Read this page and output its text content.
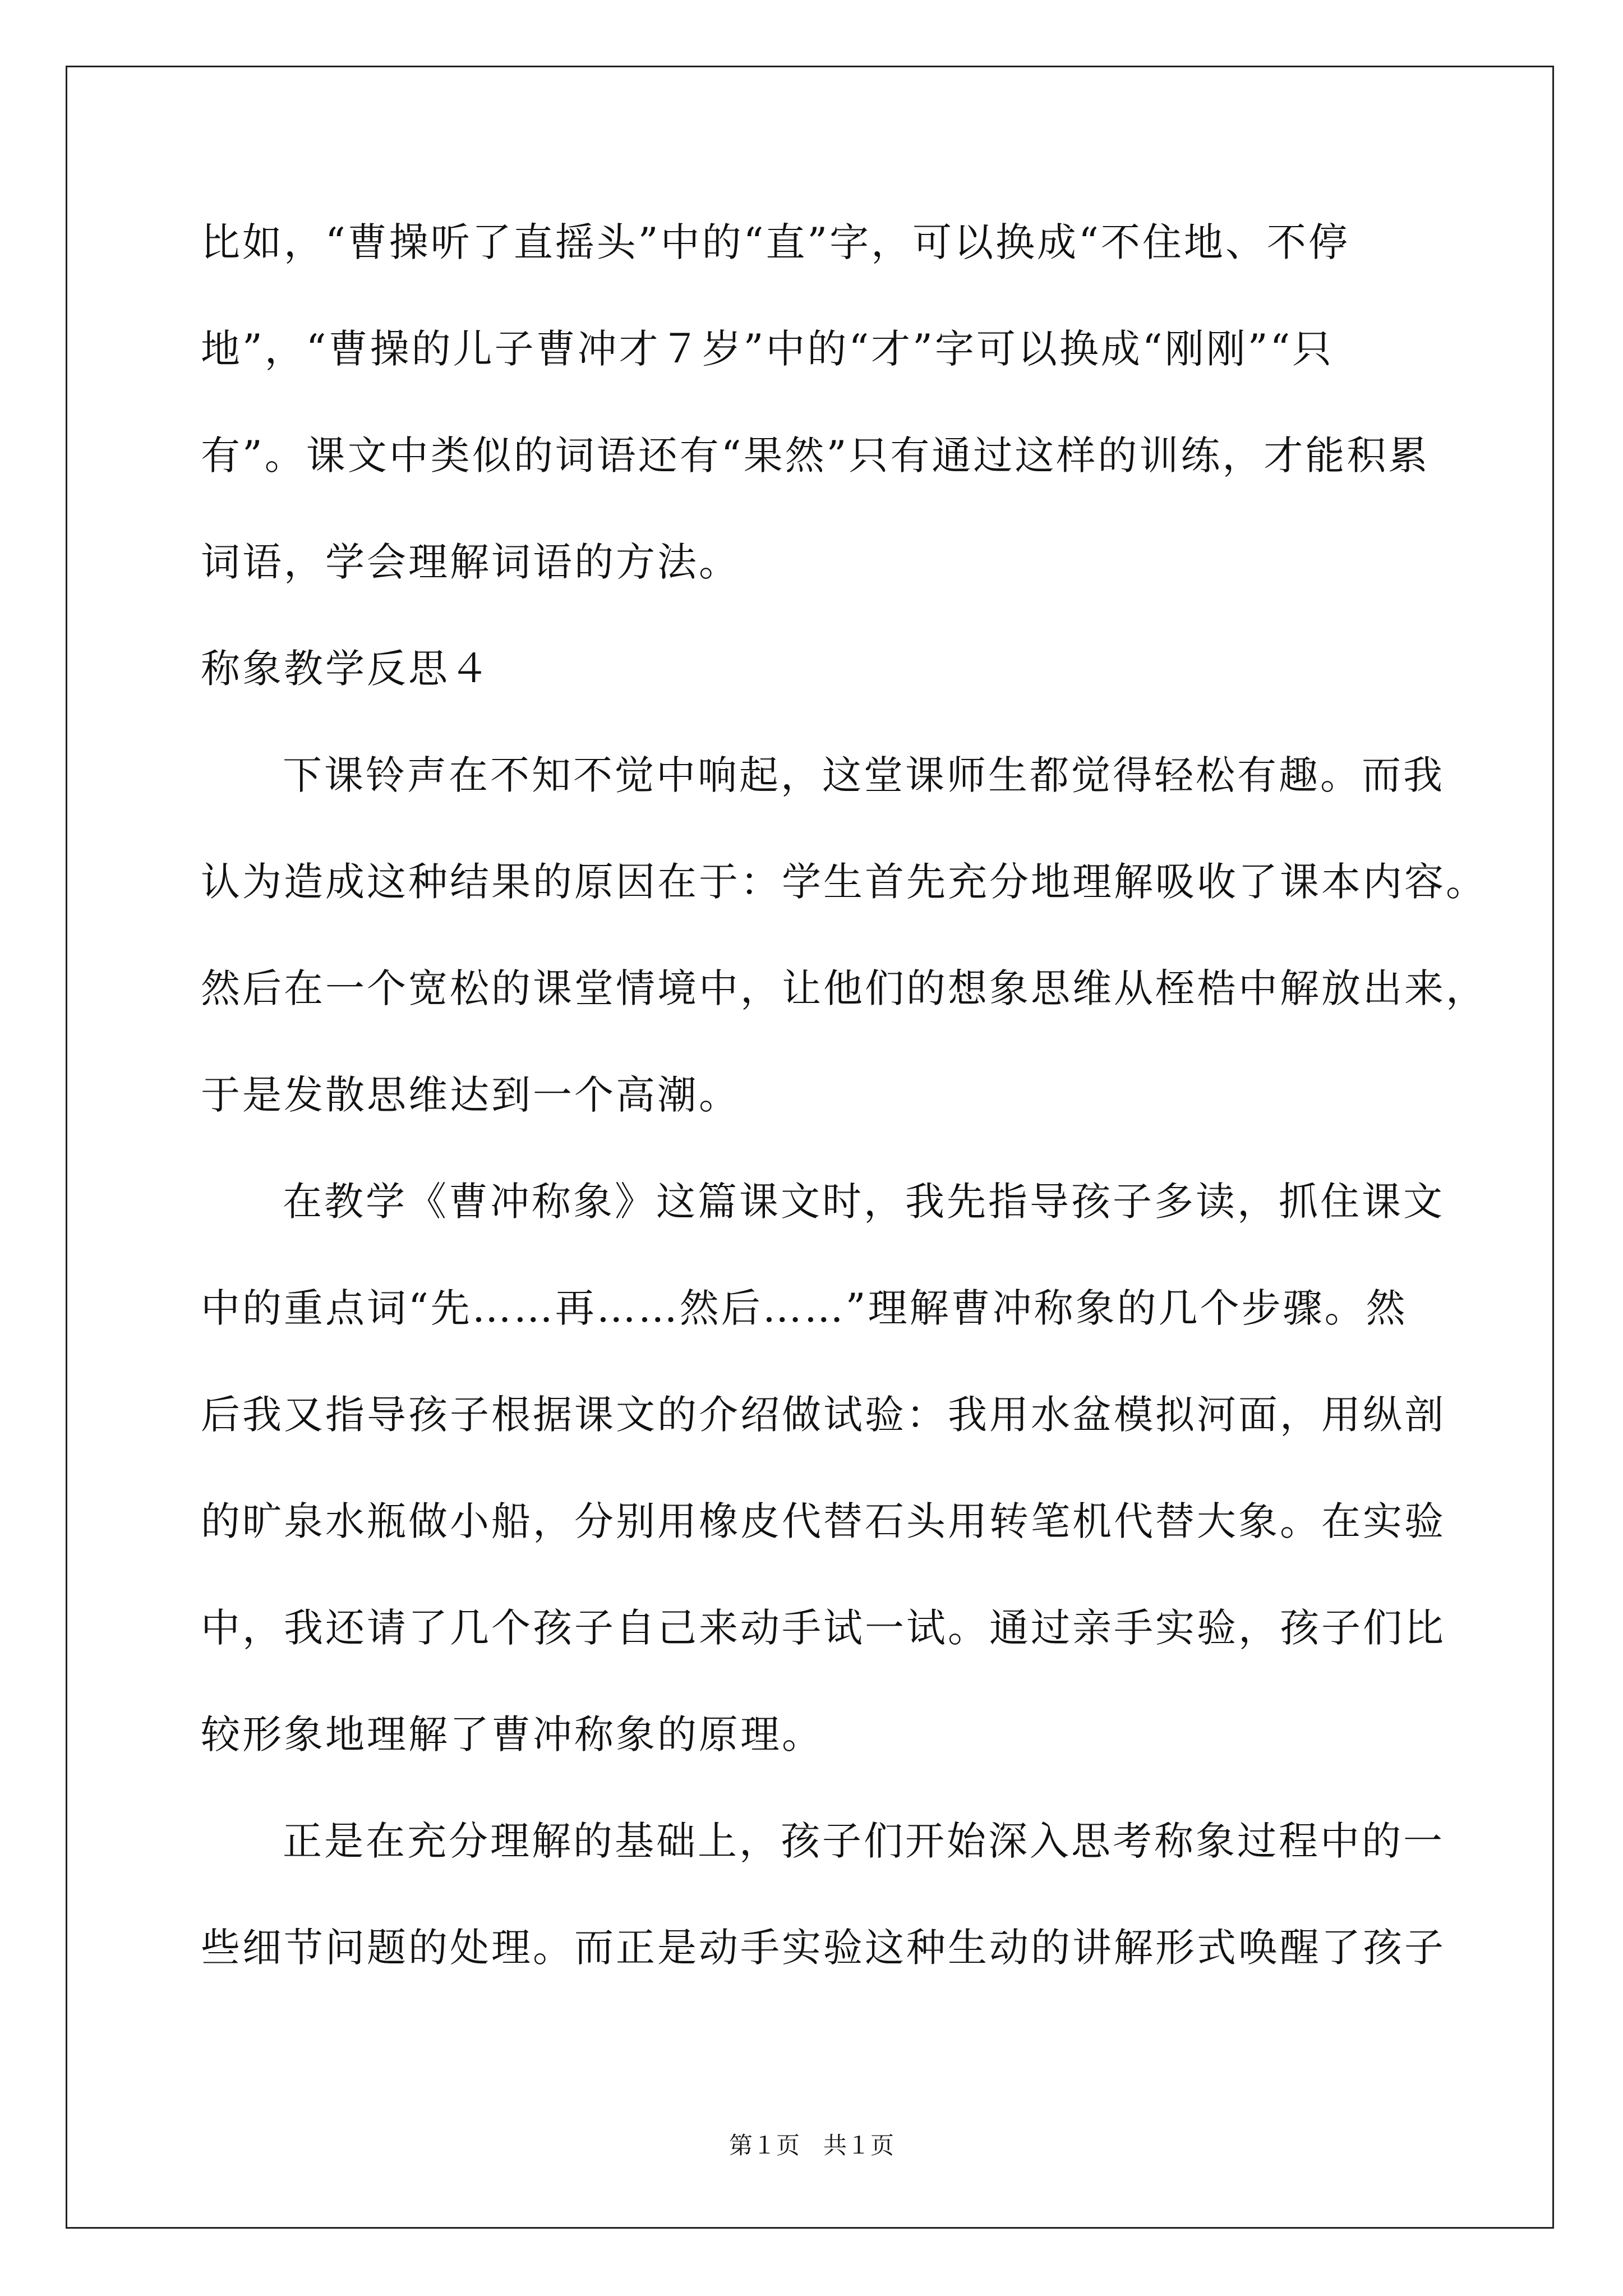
比如，“曹操听了直摇头”中的“直”字，可以换成“不住地、不停
地”，“曹操的儿子曹冲才７岁”中的“才”字可以换成“刚刚”“只
有”。课文中类似的词语还有“果然”只有通过这样的训练，才能积累
词语，学会理解词语的方法。
称象教学反思４
下课铃声在不知不觉中响起，这堂课师生都觉得轻松有趣。而我
认为造成这种结果的原因在于：学生首先充分地理解吸收了课本内容。
然后在一个宽松的课堂情境中，让他们的想象思维从桎梏中解放出来，
于是发散思维达到一个高潮。
在教学《曹冲称象》这篇课文时，我先指导孩子多读，抓住课文
中的重点词“先……再……然后……”理解曹冲称象的几个步骤。然
后我又指导孩子根据课文的介绍做试验：我用水盆模拟河面，用纵剖
的旷泉水瓶做小船，分别用橡皮代替石头用转笔机代替大象。在实验
中，我还请了几个孩子自己来动手试一试。通过亲手实验，孩子们比
较形象地理解了曹冲称象的原理。
正是在充分理解的基础上，孩子们开始深入思考称象过程中的一
些细节问题的处理。而正是动手实验这种生动的讲解形式唤醒了孩子
第１页　共１页
